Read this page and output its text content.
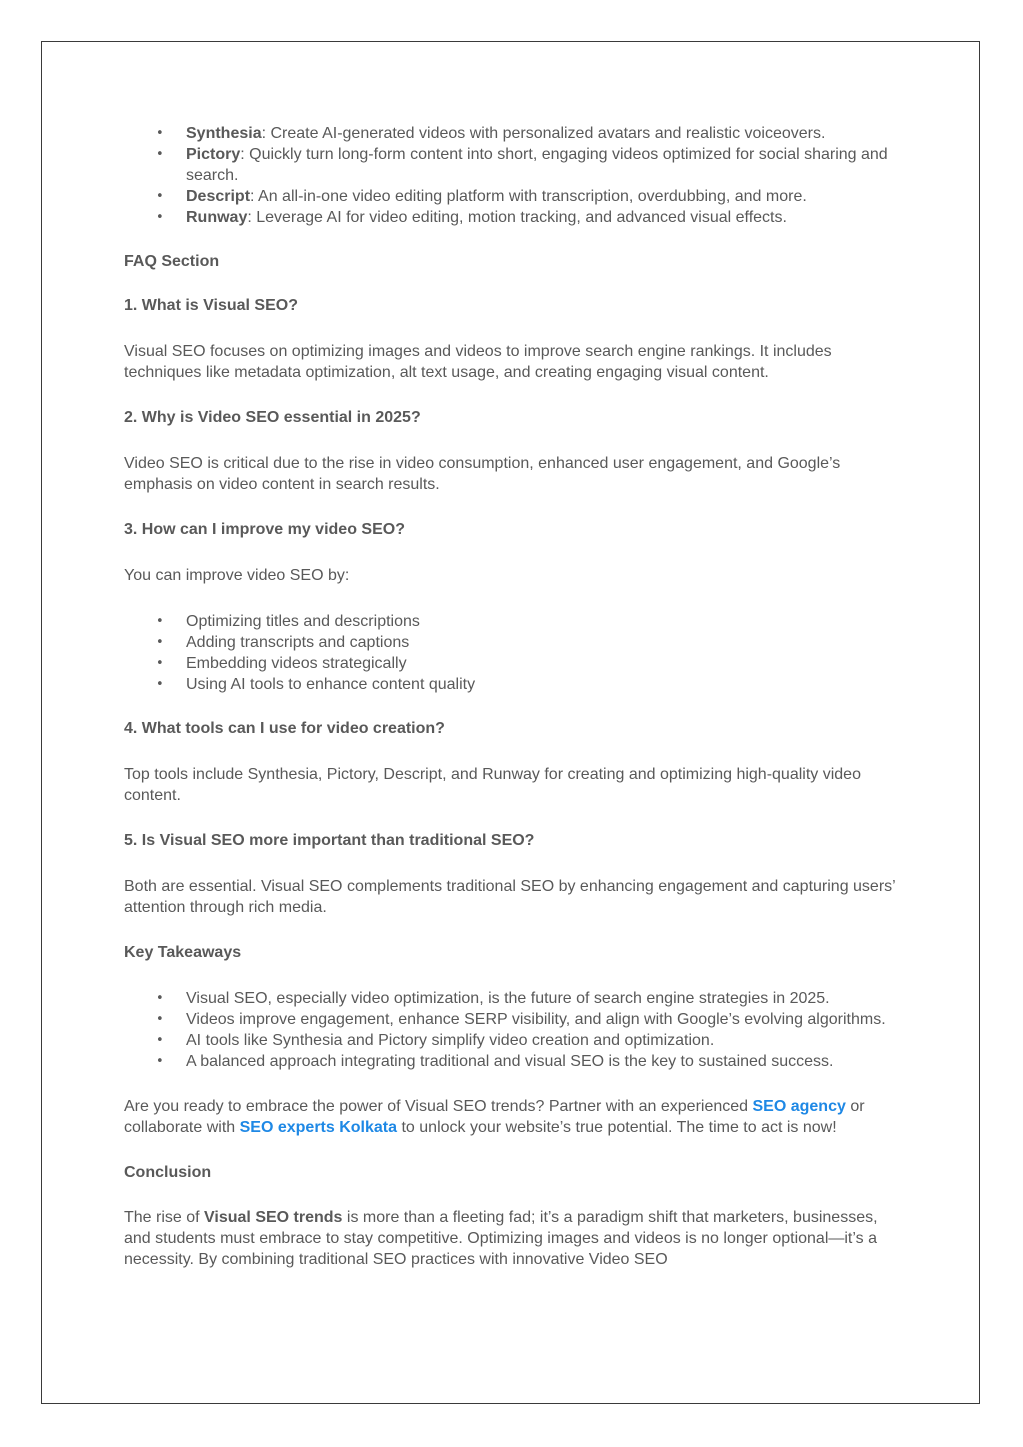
• Synthesia: Create AI-generated videos with personalized avatars and realistic voiceovers.
• Pictory: Quickly turn long-form content into short, engaging videos optimized for social sharing and search.
• Descript: An all-in-one video editing platform with transcription, overdubbing, and more.
• Runway: Leverage AI for video editing, motion tracking, and advanced visual effects.

FAQ Section

1. What is Visual SEO?

Visual SEO focuses on optimizing images and videos to improve search engine rankings. It includes techniques like metadata optimization, alt text usage, and creating engaging visual content.

2. Why is Video SEO essential in 2025?

Video SEO is critical due to the rise in video consumption, enhanced user engagement, and Google’s emphasis on video content in search results.

3. How can I improve my video SEO?

You can improve video SEO by:

• Optimizing titles and descriptions
• Adding transcripts and captions
• Embedding videos strategically
• Using AI tools to enhance content quality

4. What tools can I use for video creation?

Top tools include Synthesia, Pictory, Descript, and Runway for creating and optimizing high-quality video content.

5. Is Visual SEO more important than traditional SEO?

Both are essential. Visual SEO complements traditional SEO by enhancing engagement and capturing users’ attention through rich media.

Key Takeaways

• Visual SEO, especially video optimization, is the future of search engine strategies in 2025.
• Videos improve engagement, enhance SERP visibility, and align with Google’s evolving algorithms.
• AI tools like Synthesia and Pictory simplify video creation and optimization.
• A balanced approach integrating traditional and visual SEO is the key to sustained success.

Are you ready to embrace the power of Visual SEO trends? Partner with an experienced SEO agency or collaborate with SEO experts Kolkata to unlock your website’s true potential. The time to act is now!

Conclusion

The rise of Visual SEO trends is more than a fleeting fad; it’s a paradigm shift that marketers, businesses, and students must embrace to stay competitive. Optimizing images and videos is no longer optional—it’s a necessity. By combining traditional SEO practices with innovative Video SEO
